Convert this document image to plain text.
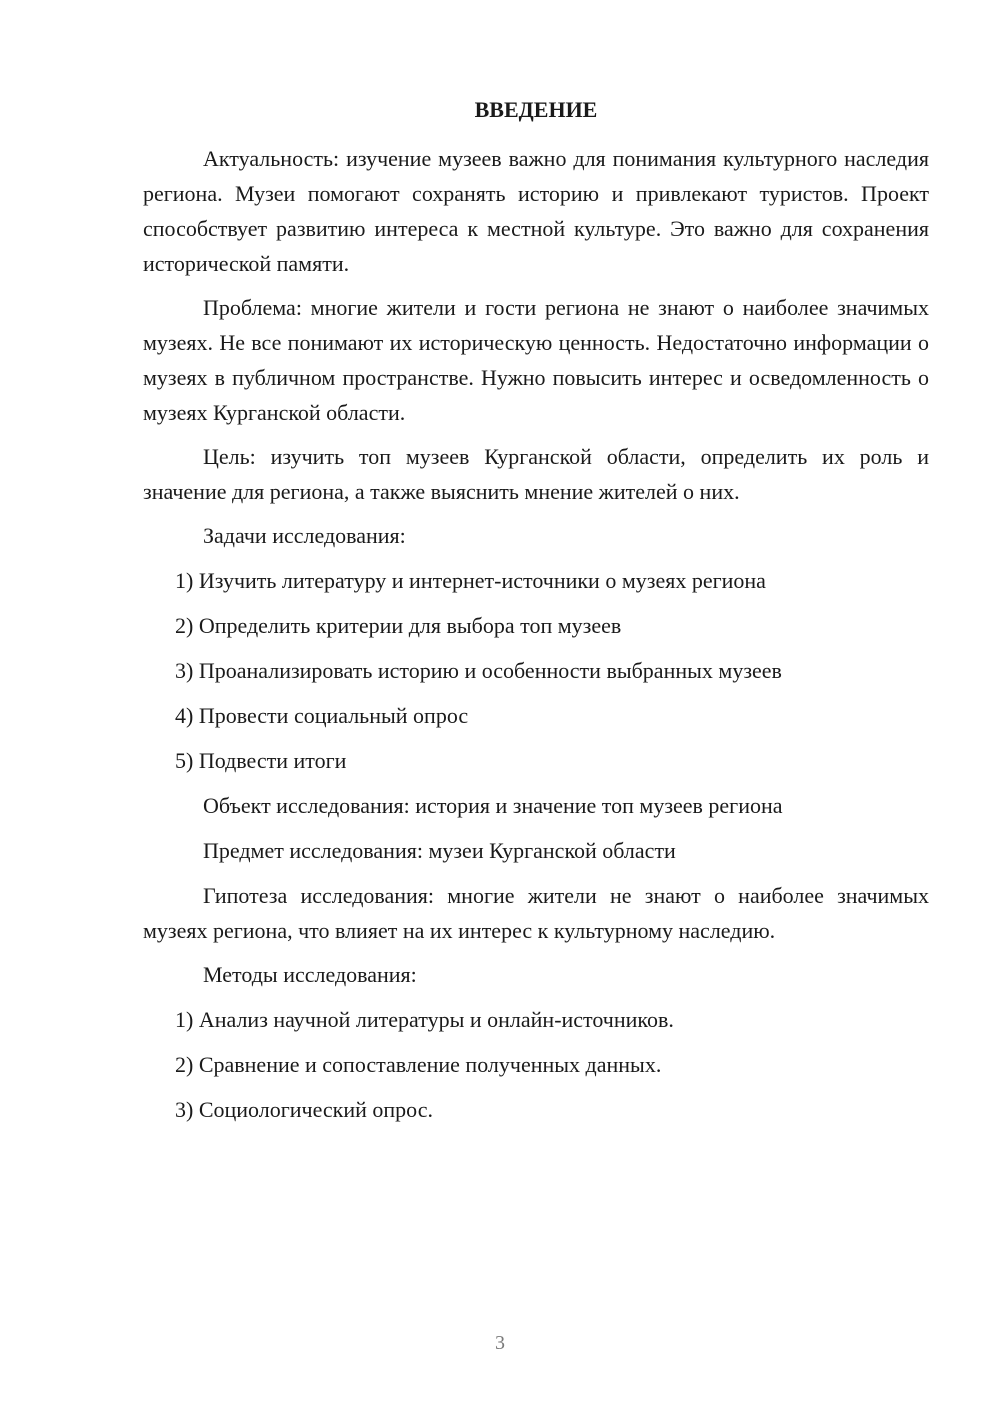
ВВЕДЕНИЕ

Актуальность: изучение музеев важно для понимания культурного наследия региона. Музеи помогают сохранять историю и привлекают туристов. Проект способствует развитию интереса к местной культуре. Это важно для сохранения исторической памяти.

Проблема: многие жители и гости региона не знают о наиболее значимых музеях. Не все понимают их историческую ценность. Недостаточно информации о музеях в публичном пространстве. Нужно повысить интерес и осведомленность о музеях Курганской области.

Цель: изучить топ музеев Курганской области, определить их роль и значение для региона, а также выяснить мнение жителей о них.

Задачи исследования:

1) Изучить литературу и интернет-источники о музеях региона

2) Определить критерии для выбора топ музеев

3) Проанализировать историю и особенности выбранных музеев

4) Провести социальный опрос

5) Подвести итоги

Объект исследования: история и значение топ музеев региона

Предмет исследования: музеи Курганской области

Гипотеза исследования: многие жители не знают о наиболее значимых музеях региона, что влияет на их интерес к культурному наследию.

Методы исследования:

1) Анализ научной литературы и онлайн-источников.

2) Сравнение и сопоставление полученных данных.

3) Социологический опрос.

3
